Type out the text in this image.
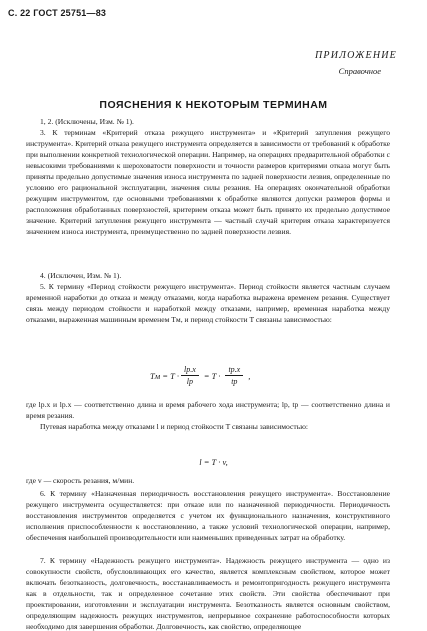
С. 22 ГОСТ 25751—83
ПРИЛОЖЕНИЕ
Справочное
ПОЯСНЕНИЯ К НЕКОТОРЫМ ТЕРМИНАМ
1, 2. (Исключены, Изм. № 1).
3. К терминам «Критерий отказа режущего инструмента» и «Критерий затупления режущего инструмента». Критерий отказа режущего инструмента определяется в зависимости от требований к обработке при выполнении конкретной технологической операции. Например, на операциях предварительной обработки с невысокими требованиями к шероховатости поверхности и точности размеров критериями отказа могут быть приняты предельно допустимые значения износа инструмента по задней поверхности лезвия, определенные по условию его рациональной эксплуатации, значения силы резания. На операциях окончательной обработки режущим инструментом, где основными требованиями к обработке являются допуски размеров формы и расположения обработанных поверхностей, критерием отказа может быть принято их предельно допустимое значение. Критерий затупления режущего инструмента — частный случай критерия отказа характеризуется значением износа инструмента, преимущественно по задней поверхности лезвия.
4. (Исключен, Изм. № 1).
5. К термину «Период стойкости режущего инструмента». Период стойкости является частным случаем временной наработки до отказа и между отказами, когда наработка выражена временем резания. Существует связь между периодом стойкости и наработкой между отказами, например, временная наработка между отказами, выраженная машинным временем Tм, и период стойкости T связаны зависимостью:
Tм = $T \cdot \frac{lр.х}{lр} = T \cdot \frac{tр.х}{tр}$ ,
где lр.х и lр.х — соответственно длина и время рабочего хода инструмента; lр, tр — соответственно длина и время резания.
Путевая наработка между отказами l и период стойкости T связаны зависимостью:
l = T · v,
где v — скорость резания, м/мин.
6. К термину «Назначенная периодичность восстановления режущего инструмента». Восстановление режущего инструмента осуществляется: при отказе или по назначенной периодичности. Периодичность восстановления инструментов определяется с учетом их функционального назначения, конструктивного исполнения приспособленности к восстановлению, а также условий технологической операции, например, обеспечения наибольшей производительности или наименьших приведенных затрат на обработку.
7. К термину «Надежность режущего инструмента». Надежность режущего инструмента — одно из совокупности свойств, обусловливающих его качество, является комплексным свойством, которое может включать безотказность, долговечность, восстанавливаемость и ремонтопригодность режущего инструмента как в отдельности, так и определенное сочетание этих свойств. Эти свойства обеспечивают при проектировании, изготовлении и эксплуатации инструмента. Безотказность является основным свойством, определяющим надежность режущих инструментов, непрерывное сохранение работоспособности которых необходимо для завершения обработки. Долговечность, как свойство, определяющее
